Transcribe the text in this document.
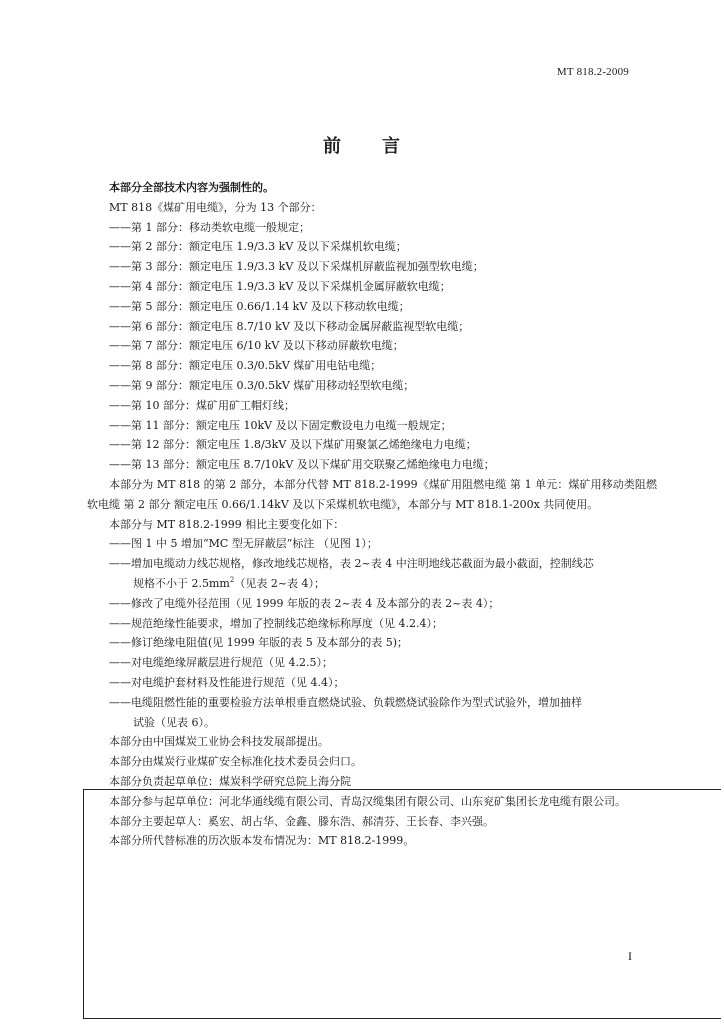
MT 818.2-2009
前 言

本部分全部技术内容为强制性的。

MT 818《煤矿用电缆》，分为 13 个部分：

——第 1 部分：移动类软电缆一般规定；

——第 2 部分：额定电压 1.9/3.3 kV 及以下采煤机软电缆；

——第 3 部分：额定电压 1.9/3.3 kV 及以下采煤机屏蔽监视加强型软电缆；

——第 4 部分：额定电压 1.9/3.3 kV 及以下采煤机金属屏蔽软电缆；

——第 5 部分：额定电压 0.66/1.14 kV 及以下移动软电缆；

——第 6 部分：额定电压 8.7/10 kV 及以下移动金属屏蔽监视型软电缆；

——第 7 部分：额定电压 6/10 kV 及以下移动屏蔽软电缆；

——第 8 部分：额定电压 0.3/0.5kV 煤矿用电钻电缆；

——第 9 部分：额定电压 0.3/0.5kV 煤矿用移动轻型软电缆；

——第 10 部分：煤矿用矿工帽灯线；

——第 11 部分：额定电压 10kV 及以下固定敷设电力电缆一般规定；

——第 12 部分：额定电压 1.8/3kV 及以下煤矿用聚氯乙烯绝缘电力电缆；

——第 13 部分：额定电压 8.7/10kV 及以下煤矿用交联聚乙烯绝缘电力电缆；

本部分为 MT 818 的第 2 部分，本部分代替 MT 818.2-1999《煤矿用阻燃电缆 第 1 单元：煤矿用移动类阻燃软电缆 第 2 部分 额定电压 0.66/1.14kV 及以下采煤机软电缆》，本部分与 MT 818.1-200x 共同使用。

本部分与 MT 818.2-1999 相比主要变化如下：

——图 1 中 5 增加“MC 型无屏蔽层”标注 （见图 1）；

——增加电缆动力线芯规格，修改地线芯规格，表 2~表 4 中注明地线芯截面为最小截面，控制线芯
规格不小于 $2.5mm^2$（见表 2~表 4）；

——修改了电缆外径范围（见 1999 年版的表 2~表 4 及本部分的表 2~表 4）；

——规范绝缘性能要求，增加了控制线芯绝缘标称厚度（见 4.2.4）；

——修订绝缘电阻值(见 1999 年版的表 5 及本部分的表 5)；

——对电缆绝缘屏蔽层进行规范（见 4.2.5）；

——对电缆护套材料及性能进行规范（见 4.4）；

——电缆阻燃性能的重要检验方法单根垂直燃烧试验、负载燃烧试验除作为型式试验外，增加抽样
试验（见表 6）。

本部分由中国煤炭工业协会科技发展部提出。

本部分由煤炭行业煤矿安全标准化技术委员会归口。

本部分负责起草单位：煤炭科学研究总院上海分院

本部分参与起草单位：河北华通线缆有限公司、青岛汉缆集团有限公司、山东兖矿集团长龙电缆有限公司。

本部分主要起草人：奚宏、胡占华、金鑫、滕东浩、郝清芬、王长春、李兴强。

本部分所代替标准的历次版本发布情况为：MT 818.2-1999。

I
